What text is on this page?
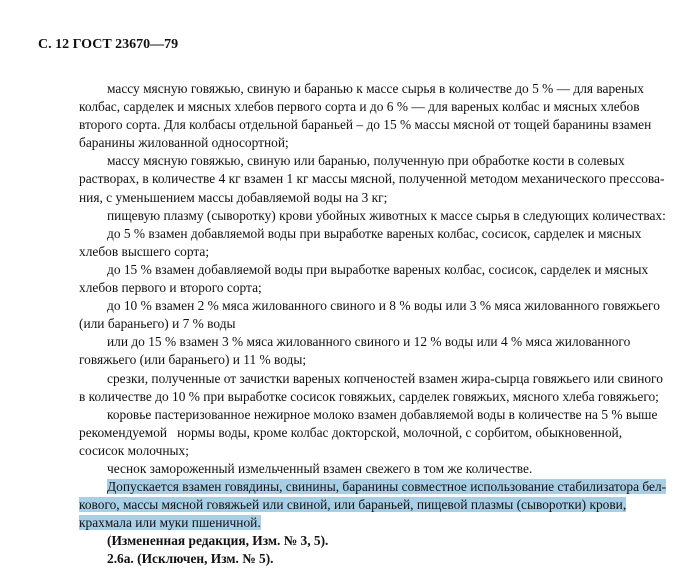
С. 12 ГОСТ 23670—79
массу мясную говяжью, свиную и баранью к массе сырья в количестве до 5 % — для вареных
колбас, сарделек и мясных хлебов первого сорта и до 6 % — для вареных колбас и мясных хлебов
второго сорта. Для колбасы отдельной бараньей – до 15 % массы мясной от тощей баранины взамен
баранины жилованной односортной;
массу мясную говяжью, свиную или баранью, полученную при обработке кости в солевых
растворах, в количестве 4 кг взамен 1 кг массы мясной, полученной методом механического прессова-
ния, с уменьшением массы добавляемой воды на 3 кг;
пищевую плазму (сыворотку) крови убойных животных к массе сырья в следующих количествах:
до 5 % взамен добавляемой воды при выработке вареных колбас, сосисок, сарделек и мясных
хлебов высшего сорта;
до 15 % взамен добавляемой воды при выработке вареных колбас, сосисок, сарделек и мясных
хлебов первого и второго сорта;
до 10 % взамен 2 % мяса жилованного свиного и 8 % воды или 3 % мяса жилованного говяжьего
(или бараньего) и 7 % воды
или до 15 % взамен 3 % мяса жилованного свиного и 12 % воды или 4 % мяса жилованного
говяжьего (или бараньего) и 11 % воды;
срезки, полученные от зачистки вареных копченостей взамен жира-сырца говяжьего или свиного
в количестве до 10 % при выработке сосисок говяжьих, сарделек говяжьих, мясного хлеба говяжьего;
коровье пастеризованное нежирное молоко взамен добавляемой воды в количестве на 5 % выше
рекомендуемой   нормы воды, кроме колбас докторской, молочной, с сорбитом, обыкновенной,
сосисок молочных;
чеснок замороженный измельченный взамен свежего в том же количестве.
Допускается взамен говядины, свинины, баранины совместное использование стабилизатора бел-
кового, массы мясной говяжьей или свиной, или бараньей, пищевой плазмы (сыворотки) крови,
крахмала или муки пшеничной.
(Измененная редакция, Изм. № 3, 5).
2.6а. (Исключен, Изм. № 5).
